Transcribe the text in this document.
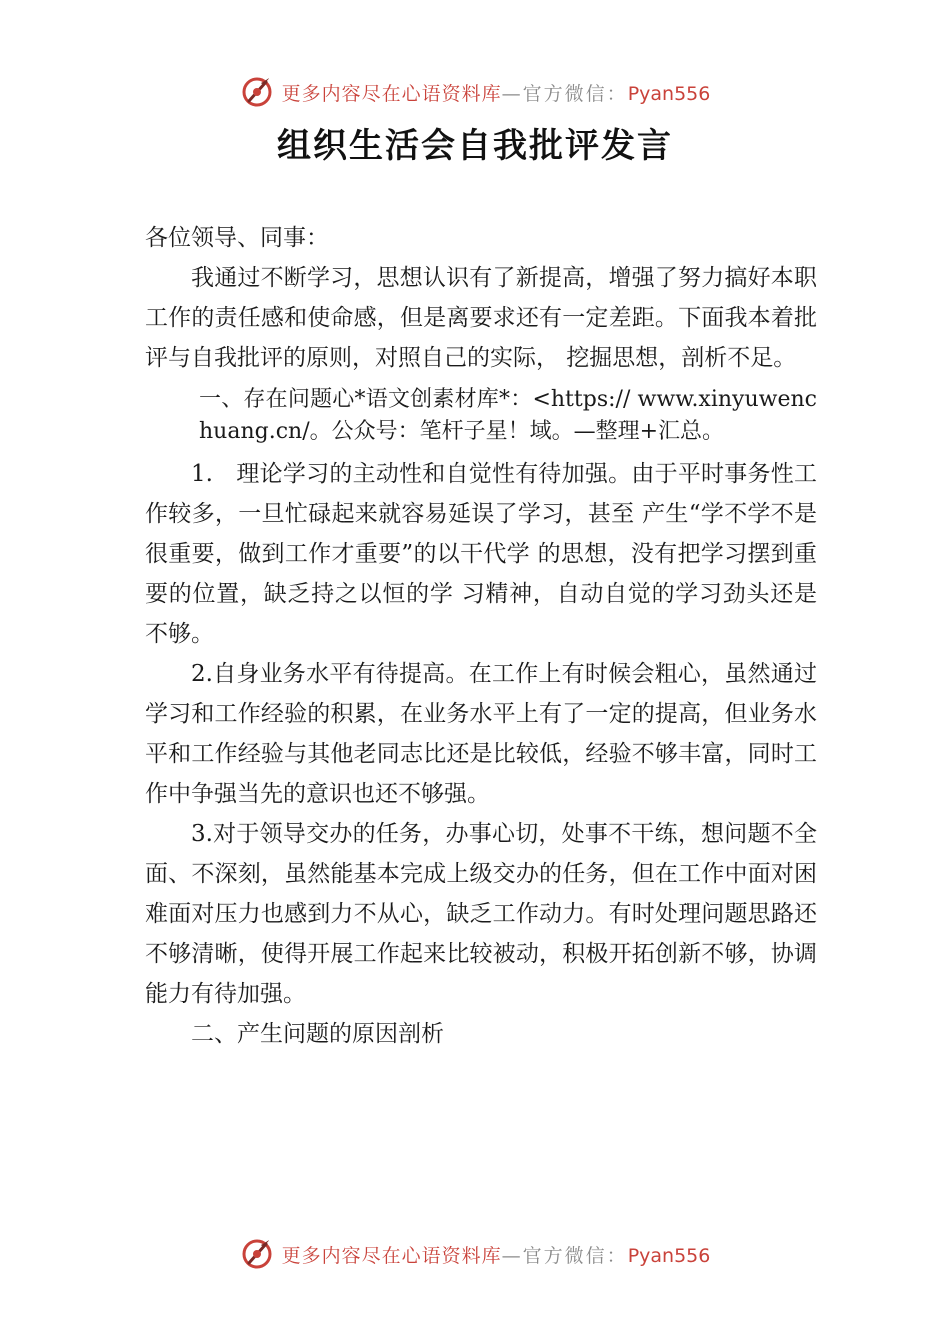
更多内容尽在心语资料库—官方微信：Pyan556
组织生活会自我批评发言

各位领导、同事：

我通过不断学习，思想认识有了新提高，增强了努力搞好本职工作的责任感和使命感，但是离要求还有一定差距。下面我本着批评与自我批评的原则，对照自己的实际， 挖掘思想，剖析不足。

一、存在问题心*语文创素材库*：<https:// www.xinyuwenchuang.cn/。公众号：笔杆子星！域。—整理+汇总。

1.　理论学习的主动性和自觉性有待加强。由于平时事务性工作较多，一旦忙碌起来就容易延误了学习，甚至 产生“学不学不是很重要，做到工作才重要”的以干代学 的思想，没有把学习摆到重要的位置，缺乏持之以恒的学 习精神，自动自觉的学习劲头还是不够。

2.自身业务水平有待提高。在工作上有时候会粗心，虽然通过学习和工作经验的积累，在业务水平上有了一定的提高，但业务水平和工作经验与其他老同志比还是比较低，经验不够丰富，同时工作中争强当先的意识也还不够强。

3.对于领导交办的任务，办事心切，处事不干练，想问题不全面、不深刻，虽然能基本完成上级交办的任务，但在工作中面对困难面对压力也感到力不从心，缺乏工作动力。有时处理问题思路还不够清晰，使得开展工作起来比较被动，积极开拓创新不够，协调能力有待加强。

二、产生问题的原因剖析

更多内容尽在心语资料库—官方微信：Pyan556
